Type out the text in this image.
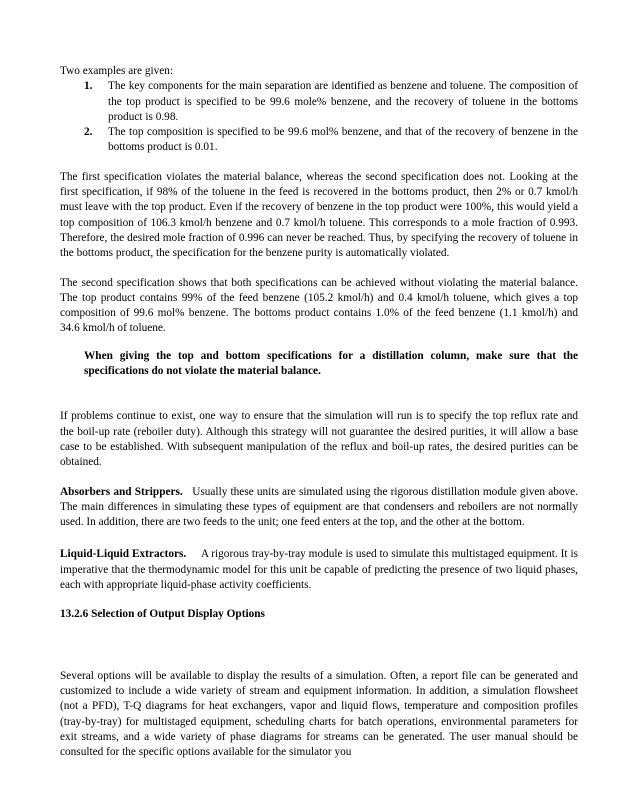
Two examples are given:

1. The key components for the main separation are identified as benzene and toluene. The composition of the top product is specified to be 99.6 mole% benzene, and the recovery of toluene in the bottoms product is 0.98.
2. The top composition is specified to be 99.6 mol% benzene, and that of the recovery of benzene in the bottoms product is 0.01.

The first specification violates the material balance, whereas the second specification does not. Looking at the first specification, if 98% of the toluene in the feed is recovered in the bottoms product, then 2% or 0.7 kmol/h must leave with the top product. Even if the recovery of benzene in the top product were 100%, this would yield a top composition of 106.3 kmol/h benzene and 0.7 kmol/h toluene. This corresponds to a mole fraction of 0.993. Therefore, the desired mole fraction of 0.996 can never be reached. Thus, by specifying the recovery of toluene in the bottoms product, the specification for the benzene purity is automatically violated.

The second specification shows that both specifications can be achieved without violating the material balance. The top product contains 99% of the feed benzene (105.2 kmol/h) and 0.4 kmol/h toluene, which gives a top composition of 99.6 mol% benzene. The bottoms product contains 1.0% of the feed benzene (1.1 kmol/h) and 34.6 kmol/h of toluene.

When giving the top and bottom specifications for a distillation column, make sure that the specifications do not violate the material balance.

If problems continue to exist, one way to ensure that the simulation will run is to specify the top reflux rate and the boil-up rate (reboiler duty). Although this strategy will not guarantee the desired purities, it will allow a base case to be established. With subsequent manipulation of the reflux and boil-up rates, the desired purities can be obtained.

Absorbers and Strippers. Usually these units are simulated using the rigorous distillation module given above. The main differences in simulating these types of equipment are that condensers and reboilers are not normally used. In addition, there are two feeds to the unit; one feed enters at the top, and the other at the bottom.

Liquid-Liquid Extractors. A rigorous tray-by-tray module is used to simulate this multistaged equipment. It is imperative that the thermodynamic model for this unit be capable of predicting the presence of two liquid phases, each with appropriate liquid-phase activity coefficients.

13.2.6 Selection of Output Display Options

Several options will be available to display the results of a simulation. Often, a report file can be generated and customized to include a wide variety of stream and equipment information. In addition, a simulation flowsheet (not a PFD), T-Q diagrams for heat exchangers, vapor and liquid flows, temperature and composition profiles (tray-by-tray) for multistaged equipment, scheduling charts for batch operations, environmental parameters for exit streams, and a wide variety of phase diagrams for streams can be generated. The user manual should be consulted for the specific options available for the simulator you
